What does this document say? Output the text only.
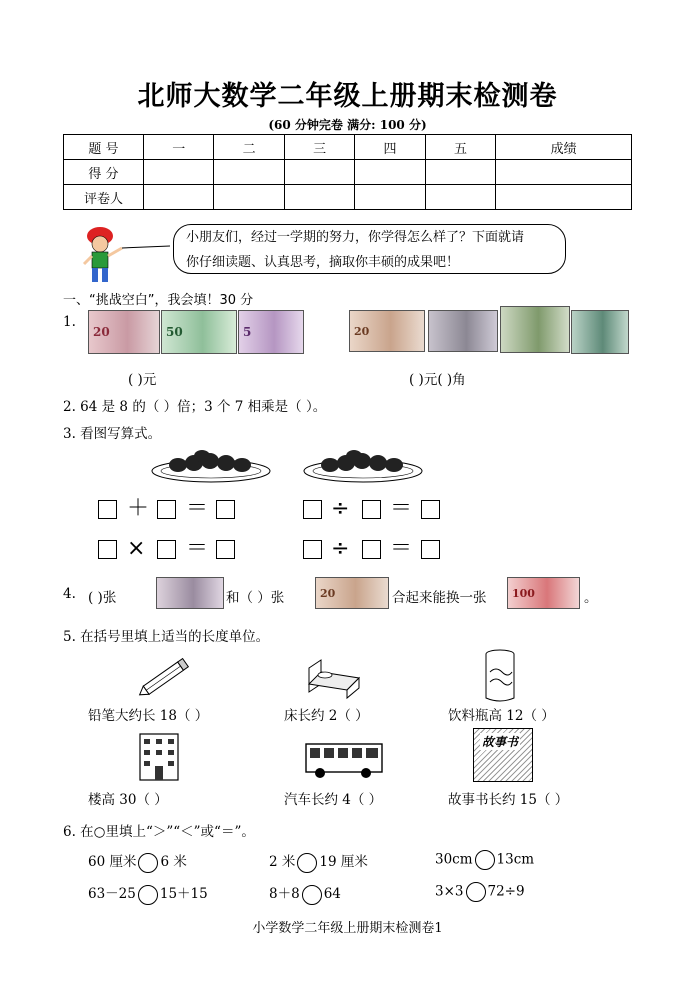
北师大数学二年级上册期末检测卷
(60 分钟完卷 满分: 100 分)
题 号	一	二	三	四	五	成绩
得 分						
评卷人						
小朋友们，经过一学期的努力，你学得怎么样了？下面就请
你仔细读题、认真思考，摘取你丰硕的成果吧！
一、“挑战空白”，我会填！30 分
1.
20	50	5	20
( )元	( )元( )角
2. 64 是 8 的（ ）倍；3 个 7 相乘是（ ）。
3. 看图写算式。
＋ ＝	÷ ＝
× ＝	÷ ＝
4. ( )张	和（ ）张	20	合起来能换一张 100	。
5. 在括号里填上适当的长度单位。
铅笔大约长 18（ ）	床长约 2（ ）	饮料瓶高 12（ ）
故事书
楼高 30（ ）	汽车长约 4（ ）	故事书长约 15（ ）
6. 在○里填上“＞”“＜”或“＝”。
60 厘米 6 米	2 米 19 厘米	30cm 13cm
63－25 15＋15	8＋8 64	3×3 72÷9
小学数学二年级上册期末检测卷1
